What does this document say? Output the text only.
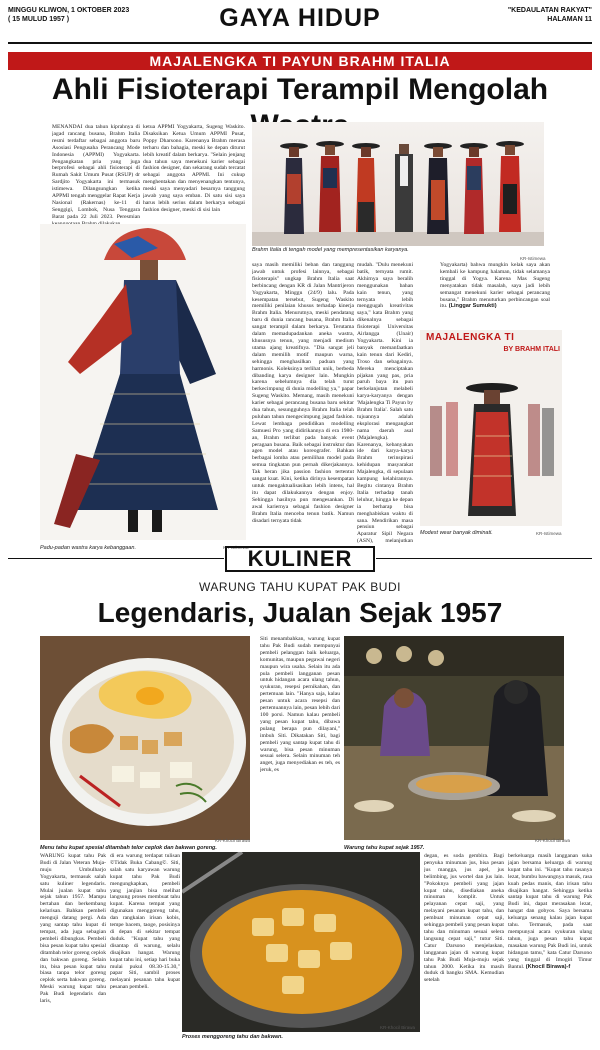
MINGGU KLIWON, 1 OKTOBER 2023
( 15 MULUD 1957 )	GAYA HIDUP	"KEDAULATAN RAKYAT"
HALAMAN 11
MAJALENGKA TI PAYUN BRAHM ITALIA
Ahli Fisioterapi Terampil Mengolah
MENANDAI dua tahun kiprahnya di jagad rancang busana, Brahm Italia resmi terdaftar sebagai anggota baru Asosiasi Pengusaha Perancang Mode Indonesia (APPMI) Yogyakarta. Pengangkatan pria yang juga berprofesi sebagai ahli fisioterapi di Rumah Sakit Umum Pusat (RSUP) dr Sardjito Yogyakarta ini termasuk istimewa. Dilangsungkan ketika APPMI tengah menggelar Rapat Kerja Nasional (Rakernas) ke-11 di Senggigi, Lombok, Nusa Tenggara Barat pada 22 Juli 2023. Peresmian
ketua APPMI Yogyakarta, Sugeng Waskito. Disaksikan Ketua Umum APPMI Pusat, Poppy Dharsono. Karenanya Brahm merasa terharu dan bahagia, meski ke depan diturut lebih kreatif dalam berkarya. "Selain jenjang dua tahun saya menekuni karier sebagai fashion designer, dan sekarang sudah tercatat sebagai anggota APPMI. Ini cukup menghentakan dan menyenangkan tentunya, meski saya menyadari besarnya tanggung jawab yang saya emban. Di satu sisi saya harus lebih serius dalam berkarya sebagai fashion designer, meski di sisi lain
Brahm Italia di tengah model yang mempresentasikan karyanya.
KR-Istimewa
Padu-padan wastra karya kebanggaan.	KR-Istimewa
saya masih memiliki beban dan tanggung jawab untuk profesi lainnya, sebagai fisioterapis" ungkap Brahm Italia saat berbincang dengan KR di Jalan Mantrijeron Yogyakarta, Minggu (24/9) lalu. Pada kesempatan tersebut, Sugeng Waskito memiliki penilaian khusus terhadap kinerja Brahm Italia. Menurutnya, meski pendatang baru di dunia rancang busana, Brahm Italia sangat terampil dalam berkarya. Terutama dalam memadupadankan aneka wastra, khususnya tenun, yang menjadi medium utama ajang kreatifnya. "Dia sangat jeli dalam memilih motif maupun warna, sehingga menghasilkan paduan yang harmonis. Koleksinya terlihat unik, berbeda dibanding karya designer lain. Mungkin karena sebelumnya dia telah turut berkecimpung di dunia modelling ya," papar Sugeng Waskito. Memang, masih menekuni karier sebagai perancang busana baru sekitar dua tahun, sesungguhnya Brahm Italia telah puluhan tahun mengecimpung jagad fashion. Lewat lembaga pendidikan modelling Samuesi Pro yang didirikannya di era 1980-an, Brahm terlibat pada banyak event peragaan busana. Baik sebagai instruktur dan agen model atau koreografer. Bahkan berbagai lomba atau pemilihan model pada semua tingkatan pun pernah dikerjakannya. Tak heran jika passion fashion tertentut sangat kuat. Kini, ketika dirinya kesempatan untuk mengaktualisasikan lebih intens, hal itu dapat dilakukannya dengan enjoy. Sehingga hasilnya pun mengesankan. Di awal kariernya sebagai fashion designer Brahm Italia menceba tenun batik. Namun disadari ternyata tidak
mudah. "Dulu menekuni batik, ternyata rumit. Akhirnya saya beralih menggunakan bahan kain tenun, yang ternyata lebih menggugah kreativitas saya," kata Brahm yang dikenalnya sebagai fisioterapi Universitas Airlangga (Unair) Yogyakarta. Kini ia banyak memanfaatkan kain tenun dari Kediri, Troso dan sebagainya. Mereka menciptakan pijakan yang pas, pria paruh baya itu pun berkelanjutan melabeli karya-karyanya dengan 'Majalengka Ti Payun by Brahm Italia'. Salah satu tujuannya adalah eksplorasi mengangkat nama daerah asal (Majalengka). Karenanya, kebanyakan ide dari karya-karya Brahm terinspirasi kehidupan masyarakat Majalengka, di sepulaan kampung kelahirannya. Begitu cintanya Brahm Italia terhadap tanah leluhur, hingga ke depan ia berharap bisa menghabiskan waktu di sana. Mendirikan masa pensiun sebagai Aparatur Sipil Negara (ASN), melanjutkan
Yogyakarta) bahwa mungkin kelak saya akan kembali ke kampung halaman, tidak selamanya tinggal di Yogya. Karena Mas Sugeng menyatakan tidak masalah, saya jadi lebih semangat menekuni karier sebagai perancang busana," Brahm menuturkan perbincangan soal itu. (Linggar Sumukti)
MAJALENGKA TI
BY BRAHM ITALI
Modest wear banyak diminati.	KR-Istimewa
KULINER
WARUNG TAHU KUPAT PAK BUDI
Legendaris, Jualan Sejak 1957
KR-Khocil Birawa
Menu tahu kupat spesial ditambah telor ceplok dan bakwan goreng.
Siti menambahkan, warung kupat tahu Pak Budi sudah mempunyai pembeli pelanggan baik keluarga, komunitas, maupun pegawai negeri maupun wira usaha. Selain itu ada pula pembeli langganan pesan untuk hidangan acara ulang tahun, syukuran, resepsi pernikahan, dan pertemuan lain. "Hanya saja, kalau pesan untuk acara resepsi dan pertemuannya lain, pesan lebih dari 100 porsi. Namun kalau pembeli yang pesan kupat tahu, dibawa pulang berapa pun dilayani," imbuh Siti. Dikatakan Siti, bagi pembeli yang santap kupat tahu di warung, bisa pesan minuman sesuai selera. Selain minuman teh anget, juga menyediakan es teh, es jeruk, es
KR-Khocil Birawa
Warung tahu kupat sejak 1957.
WARUNG kupat tahu Pak Budi di Jalan Veteran Muja-muju Umbulharjo Yogyakarta, termasuk salah satu kuliner legendaris. Mulai jualan kupat tahu sejak tahun 1957. Mampu bertahan dan berkembang kelarisan. Bahkan pembeli menguji datang pergi. Ada yang santap tahu kupat di tempat, ada juga sebagian pembeli dibungkus. Pembeli bisa pesan kupat tahu spesial ditambah telor goreng ceplok dan bakwan goreng. Selain itu, bisa pesan kupat tahu biasa tanpa telor goreng ceplok serta bakwan goreng. Meski warung kupat tahu Pak Budi legendaris dan laris,
di era warung terdapat tulisan ©Tidak Buka Cabang©. Siti, salah satu karyawan warung kupat tahu Pak Budi mengungkapkan, pembeli yang janjian bisa melihat langsung proses membuat tahu kupat. Karena tempat yang digunakan menggoreng tahu, dan rangkaian irisan kobis, tempe bacem, taoge, posisinya di depan di sekitar tempat duduk. "Kupat tahu yang disantap di warung, selalu disajikan hangat. Warung kupat tahu ini, setiap hari buka mulai pukul 08.30-15.30," papar Siti, sambil proses melayani pesanan tahu kupat pesanan pembeli.
KR-Khocil Birawa
Proses menggoreng tahu dan bakwan.
degan, es soda gembira. Bagi penyuka minuman jus, bisa pesan jus mangga, jus apel, jus belimbing, jus wortel dan jus lain. "Pokoknya pembeli yang jajan kupat tahu, disediakan aneka minuman komplit. Untuk pelayanan cepat saji, yang melayani pesanan kupat tahu, dan pembuat minuman cepat saji, sehingga pembeli yang pesan kupat tahu dan minuman sesuai selera langsung cepat saji," tutur Siti. Catur Darsono menjelaskan, langganan jajan di warung kupat tahu Pak Budi Muja-muju sejak tahun 2000. Ketika itu masih duduk di bangku SMA. Kemudian setelah
berkeluarga masih langganan suka jajan bersama keluarga di warung kupat tahu ini. "Kupat tahu rasanya lezat, bumbu bawangnya masuk, rasa kuah pedas manis, dan irisan tahu disajikan hangat. Sehingga ketika santap kupat tahu di warung Pak Budi ini, dapat merasakan lezat, hangat dan gobyos. Saya bersama keluarga senang kalau jajan kupat tahu. Termasuk, pada saat mempunyai acara syukuran ulang tahun, juga pesan tahu kupat masakan warung Pak Budi ini, untuk hidangan tamu," kata Catur Darsono yang tinggal di Imogiri Timur Bantul. (Khocil Birawa)-f
